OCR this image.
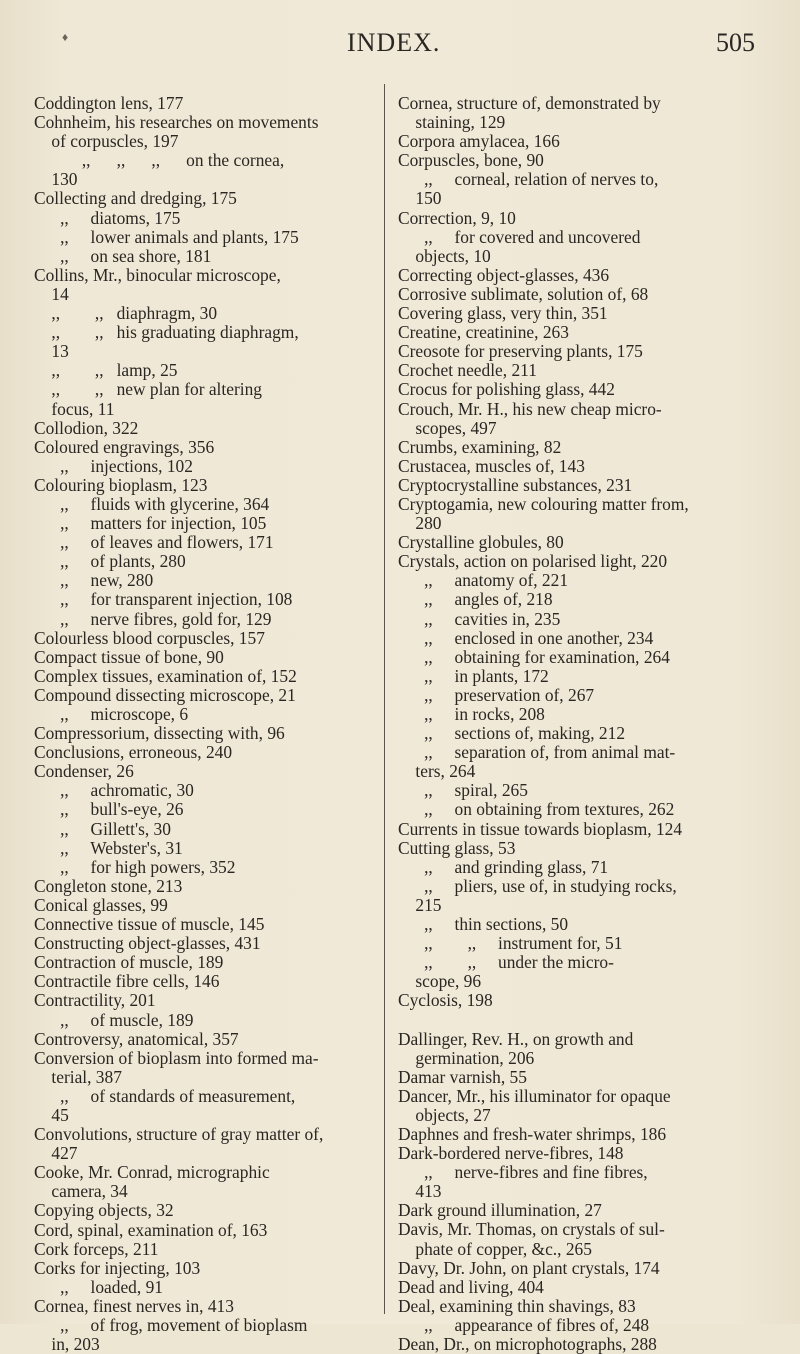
♦	INDEX.	505
Coddington lens, 177
Cohnheim, his researches on movements
of corpuscles, 197
,,      ,,      ,,      on the cornea,
130
Collecting and dredging, 175
,,     diatoms, 175
,,     lower animals and plants, 175
,,     on sea shore, 181
Collins, Mr., binocular microscope,
14
,,        ,,   diaphragm, 30
,,        ,,   his graduating diaphragm,
13
,,        ,,   lamp, 25
,,        ,,   new plan for altering
focus, 11
Collodion, 322
Coloured engravings, 356
,,     injections, 102
Colouring bioplasm, 123
,,     fluids with glycerine, 364
,,     matters for injection, 105
,,     of leaves and flowers, 171
,,     of plants, 280
,,     new, 280
,,     for transparent injection, 108
,,     nerve fibres, gold for, 129
Colourless blood corpuscles, 157
Compact tissue of bone, 90
Complex tissues, examination of, 152
Compound dissecting microscope, 21
,,     microscope, 6
Compressorium, dissecting with, 96
Conclusions, erroneous, 240
Condenser, 26
,,     achromatic, 30
,,     bull's-eye, 26
,,     Gillett's, 30
,,     Webster's, 31
,,     for high powers, 352
Congleton stone, 213
Conical glasses, 99
Connective tissue of muscle, 145
Constructing object-glasses, 431
Contraction of muscle, 189
Contractile fibre cells, 146
Contractility, 201
,,     of muscle, 189
Controversy, anatomical, 357
Conversion of bioplasm into formed ma-
terial, 387
,,     of standards of measurement,
45
Convolutions, structure of gray matter of,
427
Cooke, Mr. Conrad, micrographic
camera, 34
Copying objects, 32
Cord, spinal, examination of, 163
Cork forceps, 211
Corks for injecting, 103
,,     loaded, 91
Cornea, finest nerves in, 413
,,     of frog, movement of bioplasm
in, 203
Cornea, structure of, demonstrated by
staining, 129
Corpora amylacea, 166
Corpuscles, bone, 90
,,     corneal, relation of nerves to,
150
Correction, 9, 10
,,     for covered and uncovered
objects, 10
Correcting object-glasses, 436
Corrosive sublimate, solution of, 68
Covering glass, very thin, 351
Creatine, creatinine, 263
Creosote for preserving plants, 175
Crochet needle, 211
Crocus for polishing glass, 442
Crouch, Mr. H., his new cheap micro-
scopes, 497
Crumbs, examining, 82
Crustacea, muscles of, 143
Cryptocrystalline substances, 231
Cryptogamia, new colouring matter from,
280
Crystalline globules, 80
Crystals, action on polarised light, 220
,,     anatomy of, 221
,,     angles of, 218
,,     cavities in, 235
,,     enclosed in one another, 234
,,     obtaining for examination, 264
,,     in plants, 172
,,     preservation of, 267
,,     in rocks, 208
,,     sections of, making, 212
,,     separation of, from animal mat-
ters, 264
,,     spiral, 265
,,     on obtaining from textures, 262
Currents in tissue towards bioplasm, 124
Cutting glass, 53
,,     and grinding glass, 71
,,     pliers, use of, in studying rocks,
215
,,     thin sections, 50
,,        ,,     instrument for, 51
,,        ,,     under the micro-
scope, 96
Cyclosis, 198
Dallinger, Rev. H., on growth and
germination, 206
Damar varnish, 55
Dancer, Mr., his illuminator for opaque
objects, 27
Daphnes and fresh-water shrimps, 186
Dark-bordered nerve-fibres, 148
,,     nerve-fibres and fine fibres,
413
Dark ground illumination, 27
Davis, Mr. Thomas, on crystals of sul-
phate of copper, &c., 265
Davy, Dr. John, on plant crystals, 174
Dead and living, 404
Deal, examining thin shavings, 83
,,     appearance of fibres of, 248
Dean, Dr., on microphotographs, 288
